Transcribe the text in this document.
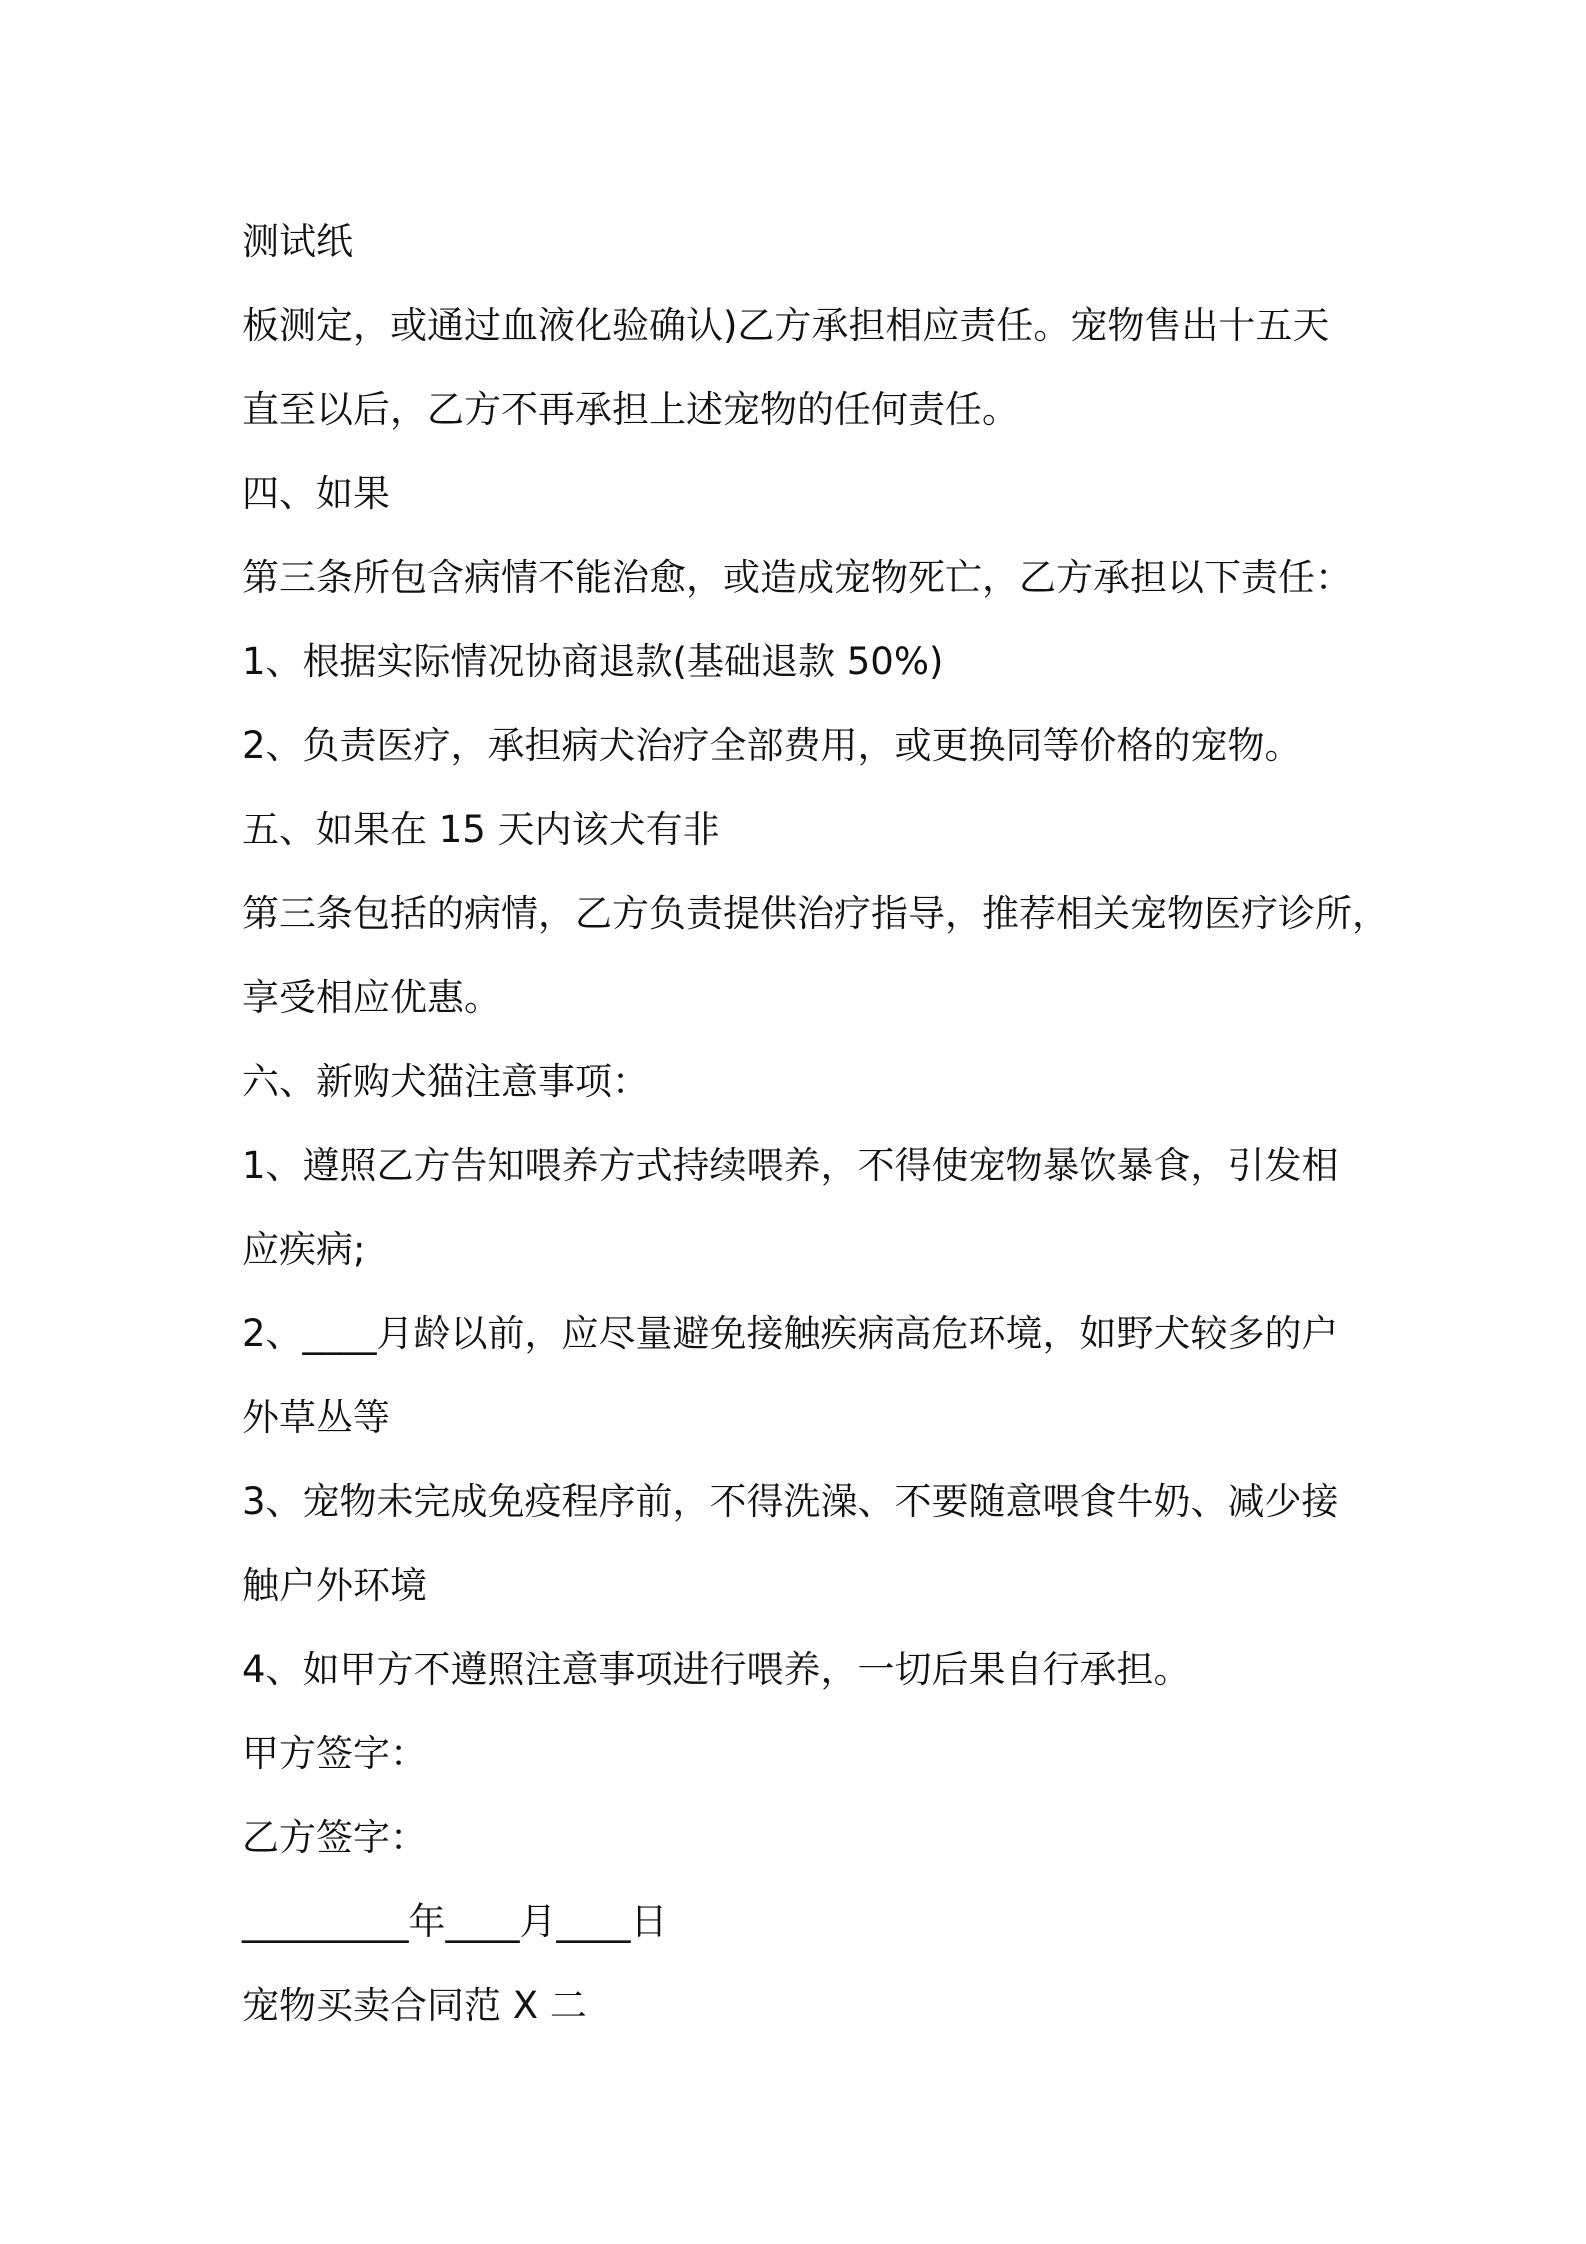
测试纸
板测定，或通过血液化验确认)乙方承担相应责任。宠物售出十五天
直至以后，乙方不再承担上述宠物的任何责任。
四、如果
第三条所包含病情不能治愈，或造成宠物死亡，乙方承担以下责任：
1、根据实际情况协商退款(基础退款 50%)
2、负责医疗，承担病犬治疗全部费用，或更换同等价格的宠物。
五、如果在 15 天内该犬有非
第三条包括的病情，乙方负责提供治疗指导，推荐相关宠物医疗诊所，
享受相应优惠。
六、新购犬猫注意事项：
1、遵照乙方告知喂养方式持续喂养，不得使宠物暴饮暴食，引发相
应疾病;
2、____月龄以前，应尽量避免接触疾病高危环境，如野犬较多的户
外草丛等
3、宠物未完成免疫程序前，不得洗澡、不要随意喂食牛奶、减少接
触户外环境
4、如甲方不遵照注意事项进行喂养，一切后果自行承担。
甲方签字：
乙方签字：
_________年____月____日
宠物买卖合同范 X 二
